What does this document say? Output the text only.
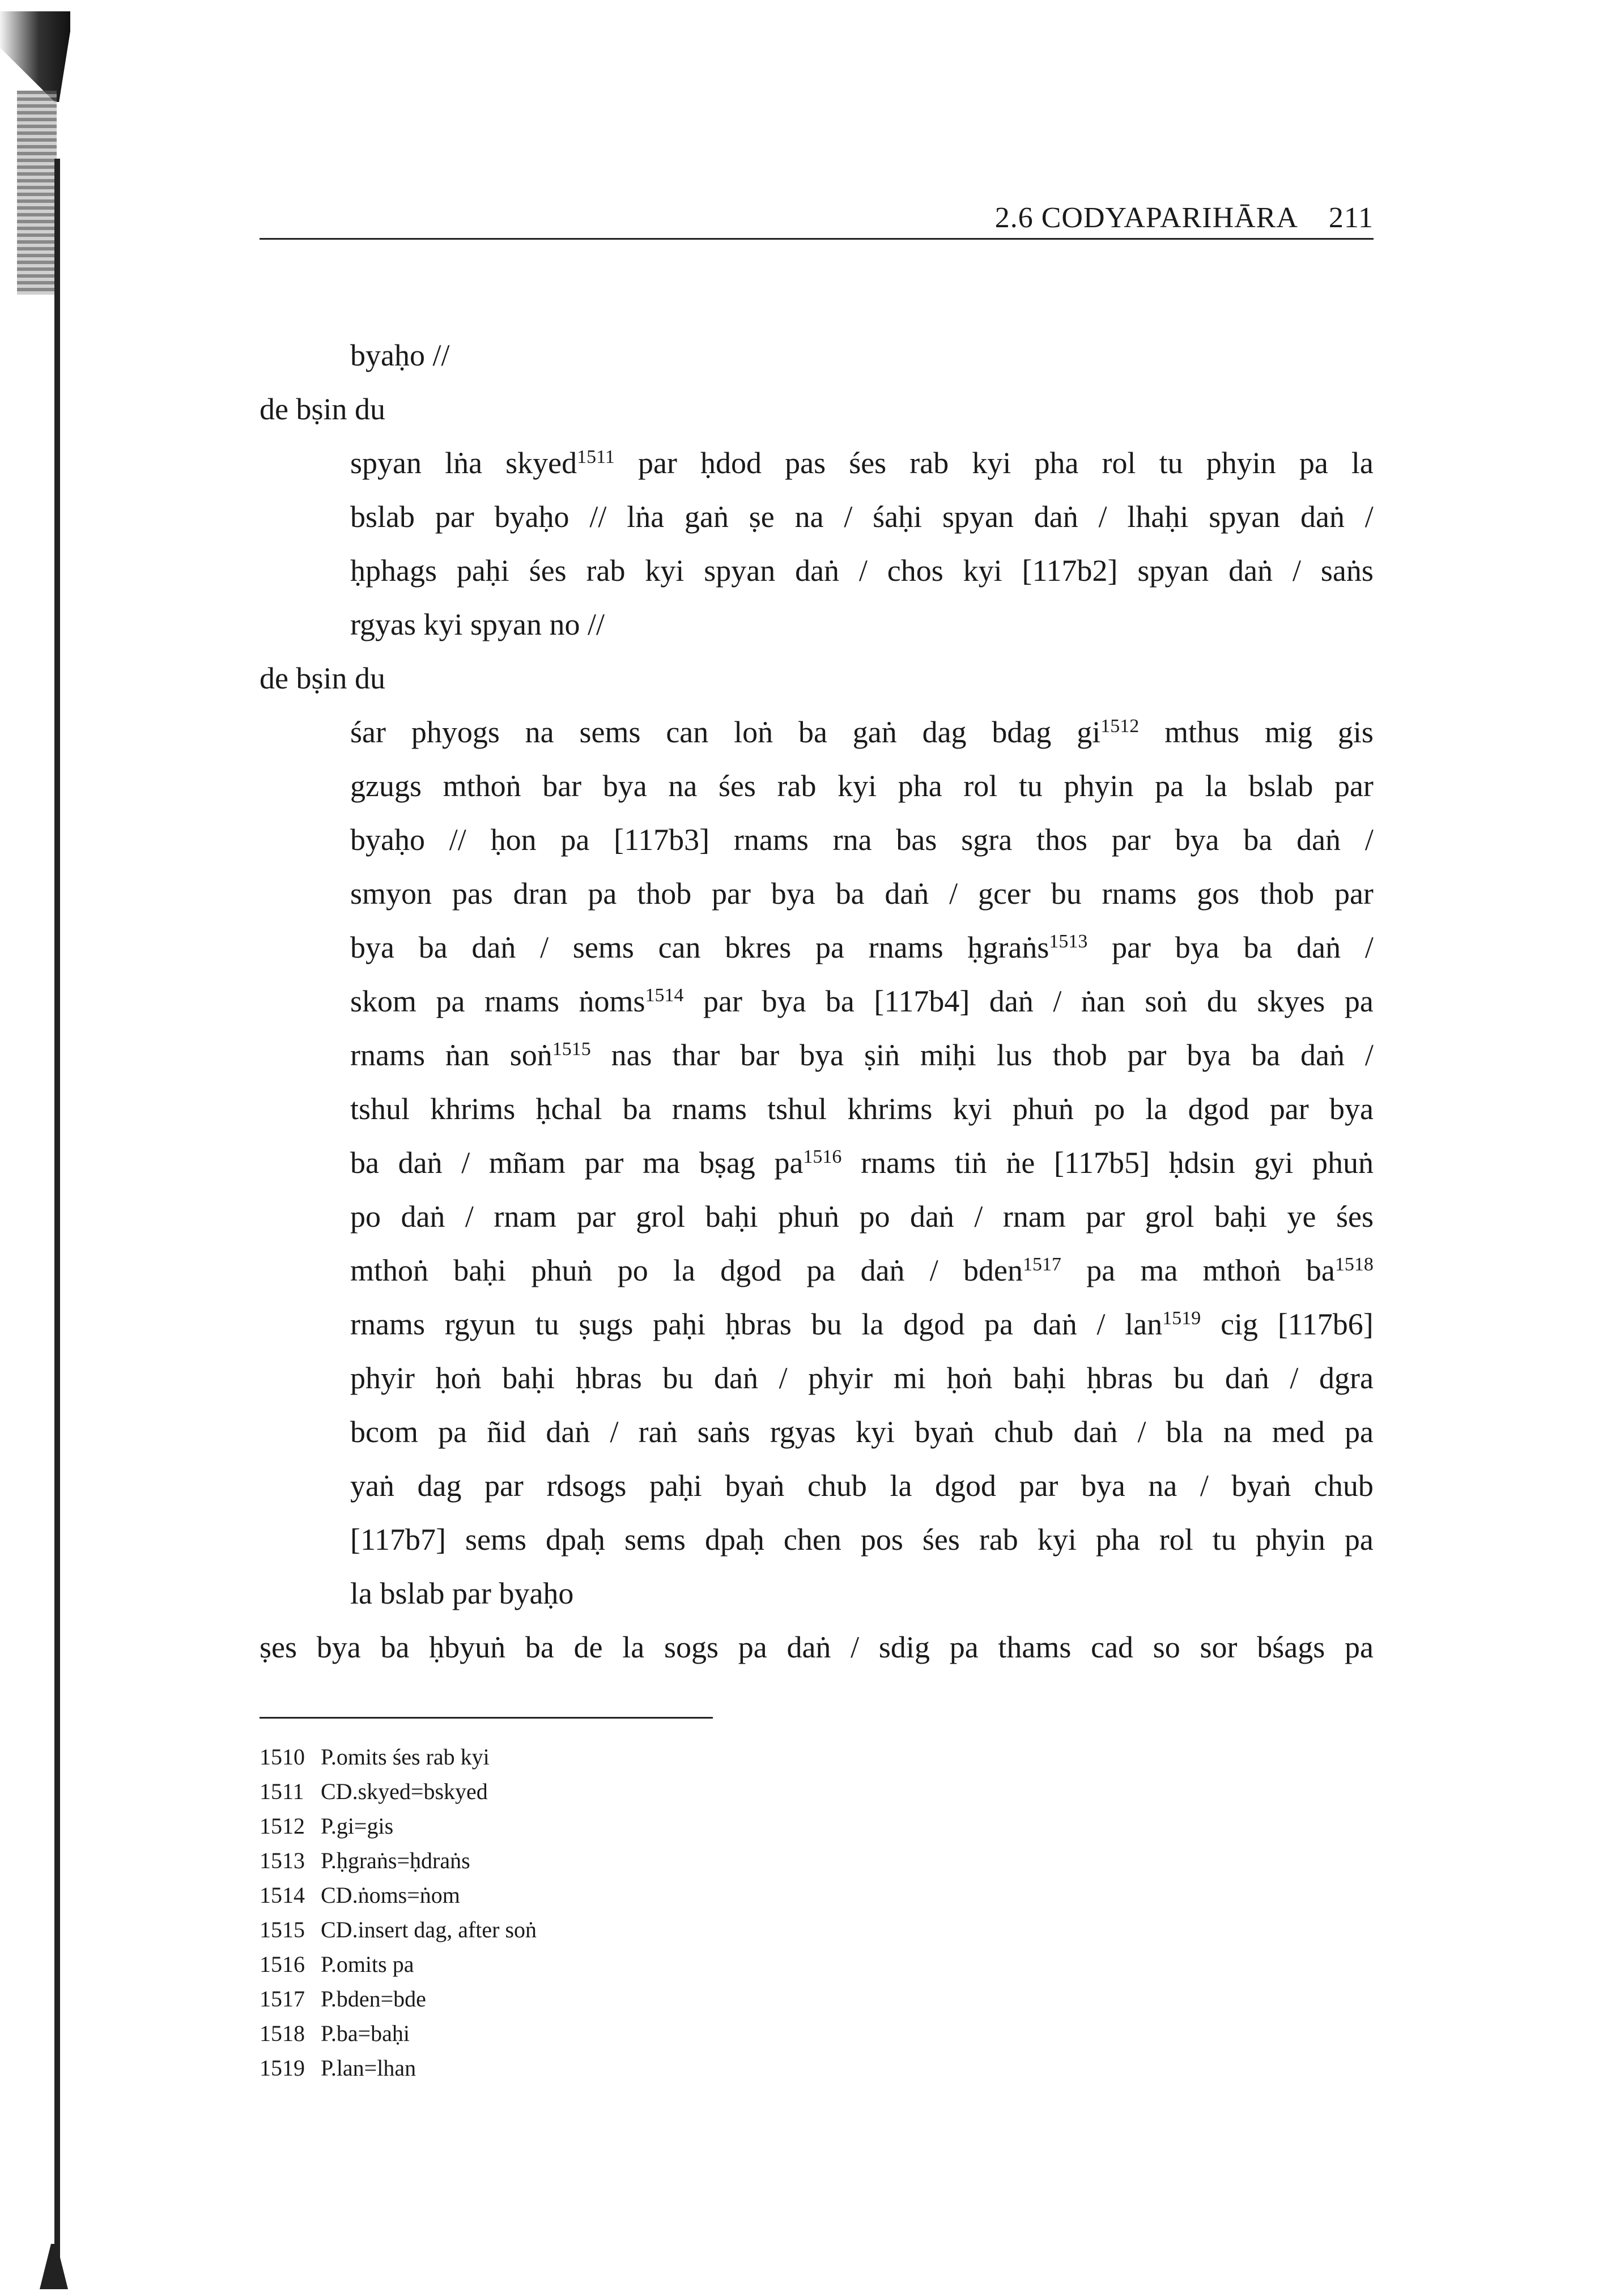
2.6 CODYAPARIHĀRA 211
byaḥo
//
de
bṣin
du
spyan lṅa skyed$^{1511}$ par ḥdod pas śes rab kyi pha rol tu phyin pa la
bslab par byaḥo // lṅa gaṅ ṣe na / śaḥi spyan daṅ / lhaḥi spyan daṅ /
ḥphags paḥi śes rab kyi spyan daṅ / chos kyi [117b2] spyan daṅ / saṅs
rgyas
kyi
spyan
no
//
de
bṣin
du
śar phyogs na sems can loṅ ba gaṅ dag bdag $gi^{1512}$ mthus mig gis
gzugs mthoṅ bar bya na śes rab kyi pha rol tu phyin pa la bslab par
byaḥo // ḥon pa [117b3] rnams rna bas sgra thos par bya ba daṅ /
smyon pas dran pa thob par bya ba daṅ / gcer bu rnams gos thob par
bya ba daṅ / sems can bkres pa rnams ḥgraṅs$^{1513}$ par bya ba daṅ /
skom pa rnams ṅoms$^{1514}$ par bya ba [117b4] daṅ / ṅan soṅ du skyes pa
rnams ṅan soṅ$^{1515}$ nas thar bar bya ṣiṅ miḥi lus thob par bya ba daṅ /
tshul khrims ḥchal ba rnams tshul khrims kyi phuṅ po la dgod par bya
ba daṅ / mñam par ma bṣag $pa^{1516}$ rnams tiṅ ṅe [117b5] ḥdsin gyi phuṅ
po daṅ / rnam par grol baḥi phuṅ po daṅ / rnam par grol baḥi ye śes
mthoṅ baḥi phuṅ po la dgod pa daṅ / bden$^{1517}$ pa ma mthoṅ $ba^{1518}$
rnams rgyun tu ṣugs paḥi ḥbras bu la dgod pa daṅ / lan$^{1519}$ cig [117b6]
phyir ḥoṅ baḥi ḥbras bu daṅ / phyir mi ḥoṅ baḥi ḥbras bu daṅ / dgra
bcom pa ñid daṅ / raṅ saṅs rgyas kyi byaṅ chub daṅ / bla na med pa
yaṅ dag par rdsogs paḥi byaṅ chub la dgod par bya na / byaṅ chub
[117b7] sems dpaḥ sems dpaḥ chen pos śes rab kyi pha rol tu phyin pa
la
bslab
par
byaḥo
ṣes bya ba ḥbyuṅ ba de la sogs pa daṅ / sdig pa thams cad so sor bśags pa
1510 P.omits śes rab kyi
1511 CD.skyed=bskyed
1512 P.gi=gis
1513 P.ḥgraṅs=ḥdraṅs
1514 CD.ṅoms=ṅom
1515 CD.insert dag, after soṅ
1516 P.omits pa
1517 P.bden=bde
1518 P.ba=baḥi
1519 P.lan=lhan
